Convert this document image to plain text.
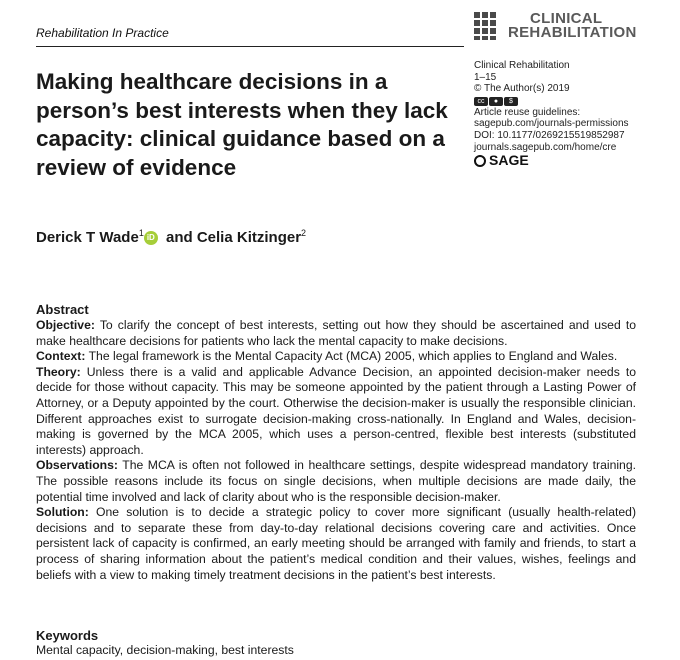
Rehabilitation In Practice
CLINICAL
REHABILITATION
Clinical Rehabilitation
1–15
© The Author(s) 2019
cc	●	$
Article reuse guidelines:
sagepub.com/journals-permissions
DOI: 10.1177/0269215519852987
journals.sagepub.com/home/cre
SAGE
Making healthcare decisions in a person’s best interests when they lack capacity: clinical guidance based on a review of evidence
Derick T Wade$^1$ iD and Celia Kitzinger$^2$
Abstract

Objective: To clarify the concept of best interests, setting out how they should be ascertained and used to make healthcare decisions for patients who lack the mental capacity to make decisions.

Context: The legal framework is the Mental Capacity Act (MCA) 2005, which applies to England and Wales.

Theory: Unless there is a valid and applicable Advance Decision, an appointed decision-maker needs to decide for those without capacity. This may be someone appointed by the patient through a Lasting Power of Attorney, or a Deputy appointed by the court. Otherwise the decision-maker is usually the responsible clinician. Different approaches exist to surrogate decision-making cross-nationally. In England and Wales, decision-making is governed by the MCA 2005, which uses a person-centred, flexible best interests (substituted interests) approach.

Observations: The MCA is often not followed in healthcare settings, despite widespread mandatory training. The possible reasons include its focus on single decisions, when multiple decisions are made daily, the potential time involved and lack of clarity about who is the responsible decision-maker.

Solution: One solution is to decide a strategic policy to cover more significant (usually health-related) decisions and to separate these from day-to-day relational decisions covering care and activities. Once persistent lack of capacity is confirmed, an early meeting should be arranged with family and friends, to start a process of sharing information about the patient’s medical condition and their values, wishes, feelings and beliefs with a view to making timely treatment decisions in the patient’s best interests.

Keywords
Mental capacity, decision-making, best interests
